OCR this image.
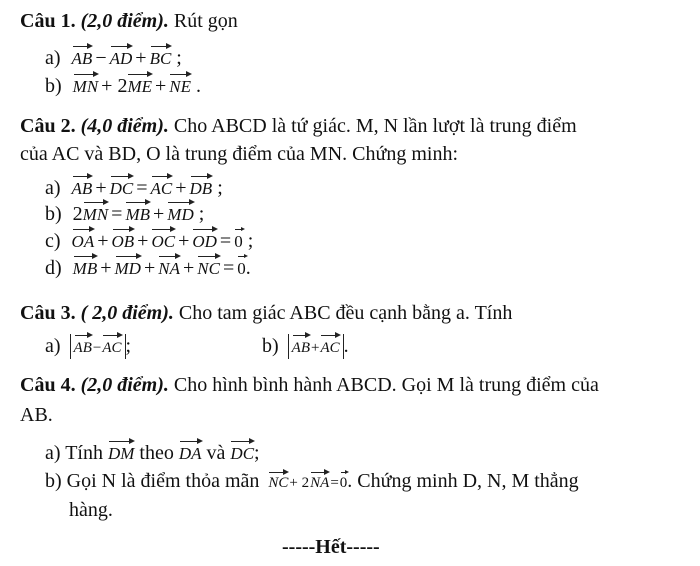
Câu 1. (2,0 điểm). Rút gọn
a) AB − AD + BC ;
b) MN + 2ME + NE .
Câu 2. (4,0 điểm). Cho ABCD là tứ giác. M, N lần lượt là trung điểm
của AC và BD, O là trung điểm của MN. Chứng minh:
a) AB + DC = AC + DB ;
b) 2MN = MB + MD ;
c) OA + OB + OC + OD = 0 ;
d) MB + MD + NA + NC = 0.
Câu 3. ( 2,0 điểm). Cho tam giác ABC đều cạnh bằng a. Tính
a) AB−AC ;	b) AB+AC .
Câu 4. (2,0 điểm). Cho hình bình hành ABCD. Gọi M là trung điểm của
AB.
a) Tính DM theo DA và DC;
b) Gọi N là điểm thỏa mãn NC+ 2NA=0. Chứng minh D, N, M thẳng
hàng.
-----Hết-----
